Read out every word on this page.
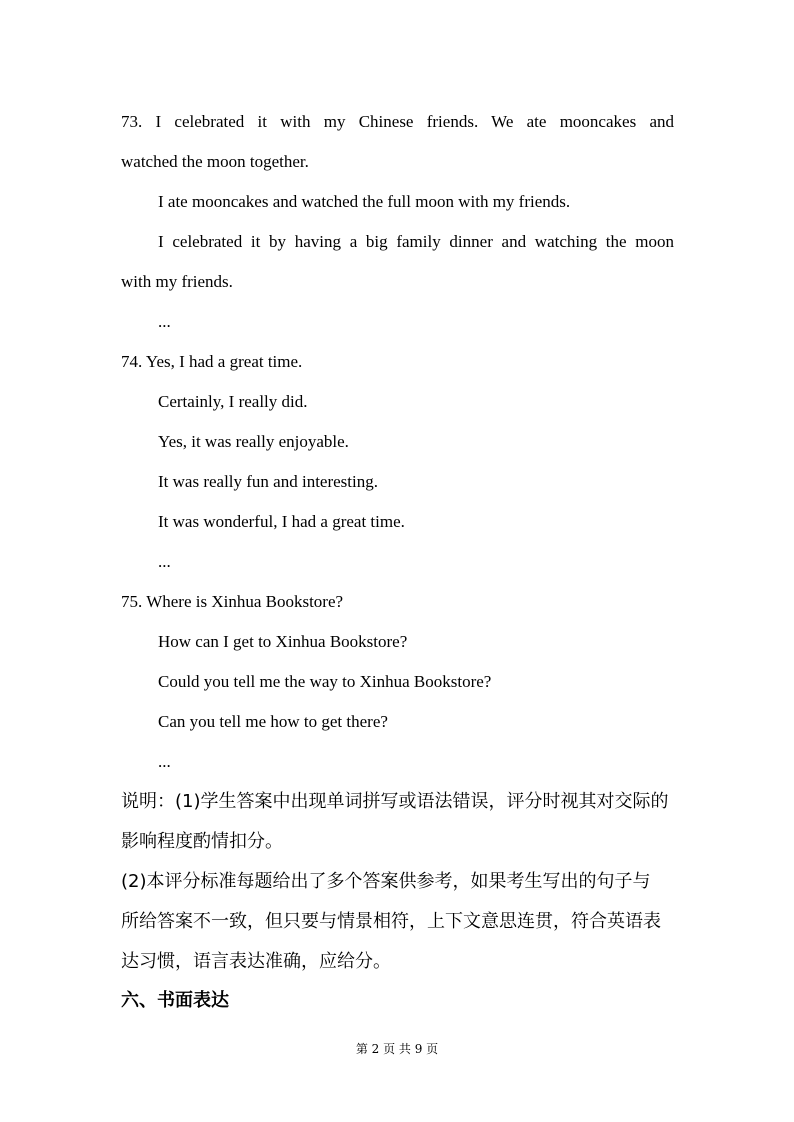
73. I celebrated it with my Chinese friends. We ate mooncakes and
watched the moon together.
I ate mooncakes and watched the full moon with my friends.
I celebrated it by having a big family dinner and watching the moon
with my friends.
...
74. Yes, I had a great time.
Certainly, I really did.
Yes, it was really enjoyable.
It was really fun and interesting.
It was wonderful, I had a great time.
...
75. Where is Xinhua Bookstore?
How can I get to Xinhua Bookstore?
Could you tell me the way to Xinhua Bookstore?
Can you tell me how to get there?
...
说明：(1)学生答案中出现单词拼写或语法错误，评分时视其对交际的
影响程度酌情扣分。
(2)本评分标准每题给出了多个答案供参考，如果考生写出的句子与
所给答案不一致，但只要与情景相符，上下文意思连贯，符合英语表
达习惯，语言表达准确，应给分。
六、书面表达
第 2 页 共 9 页
